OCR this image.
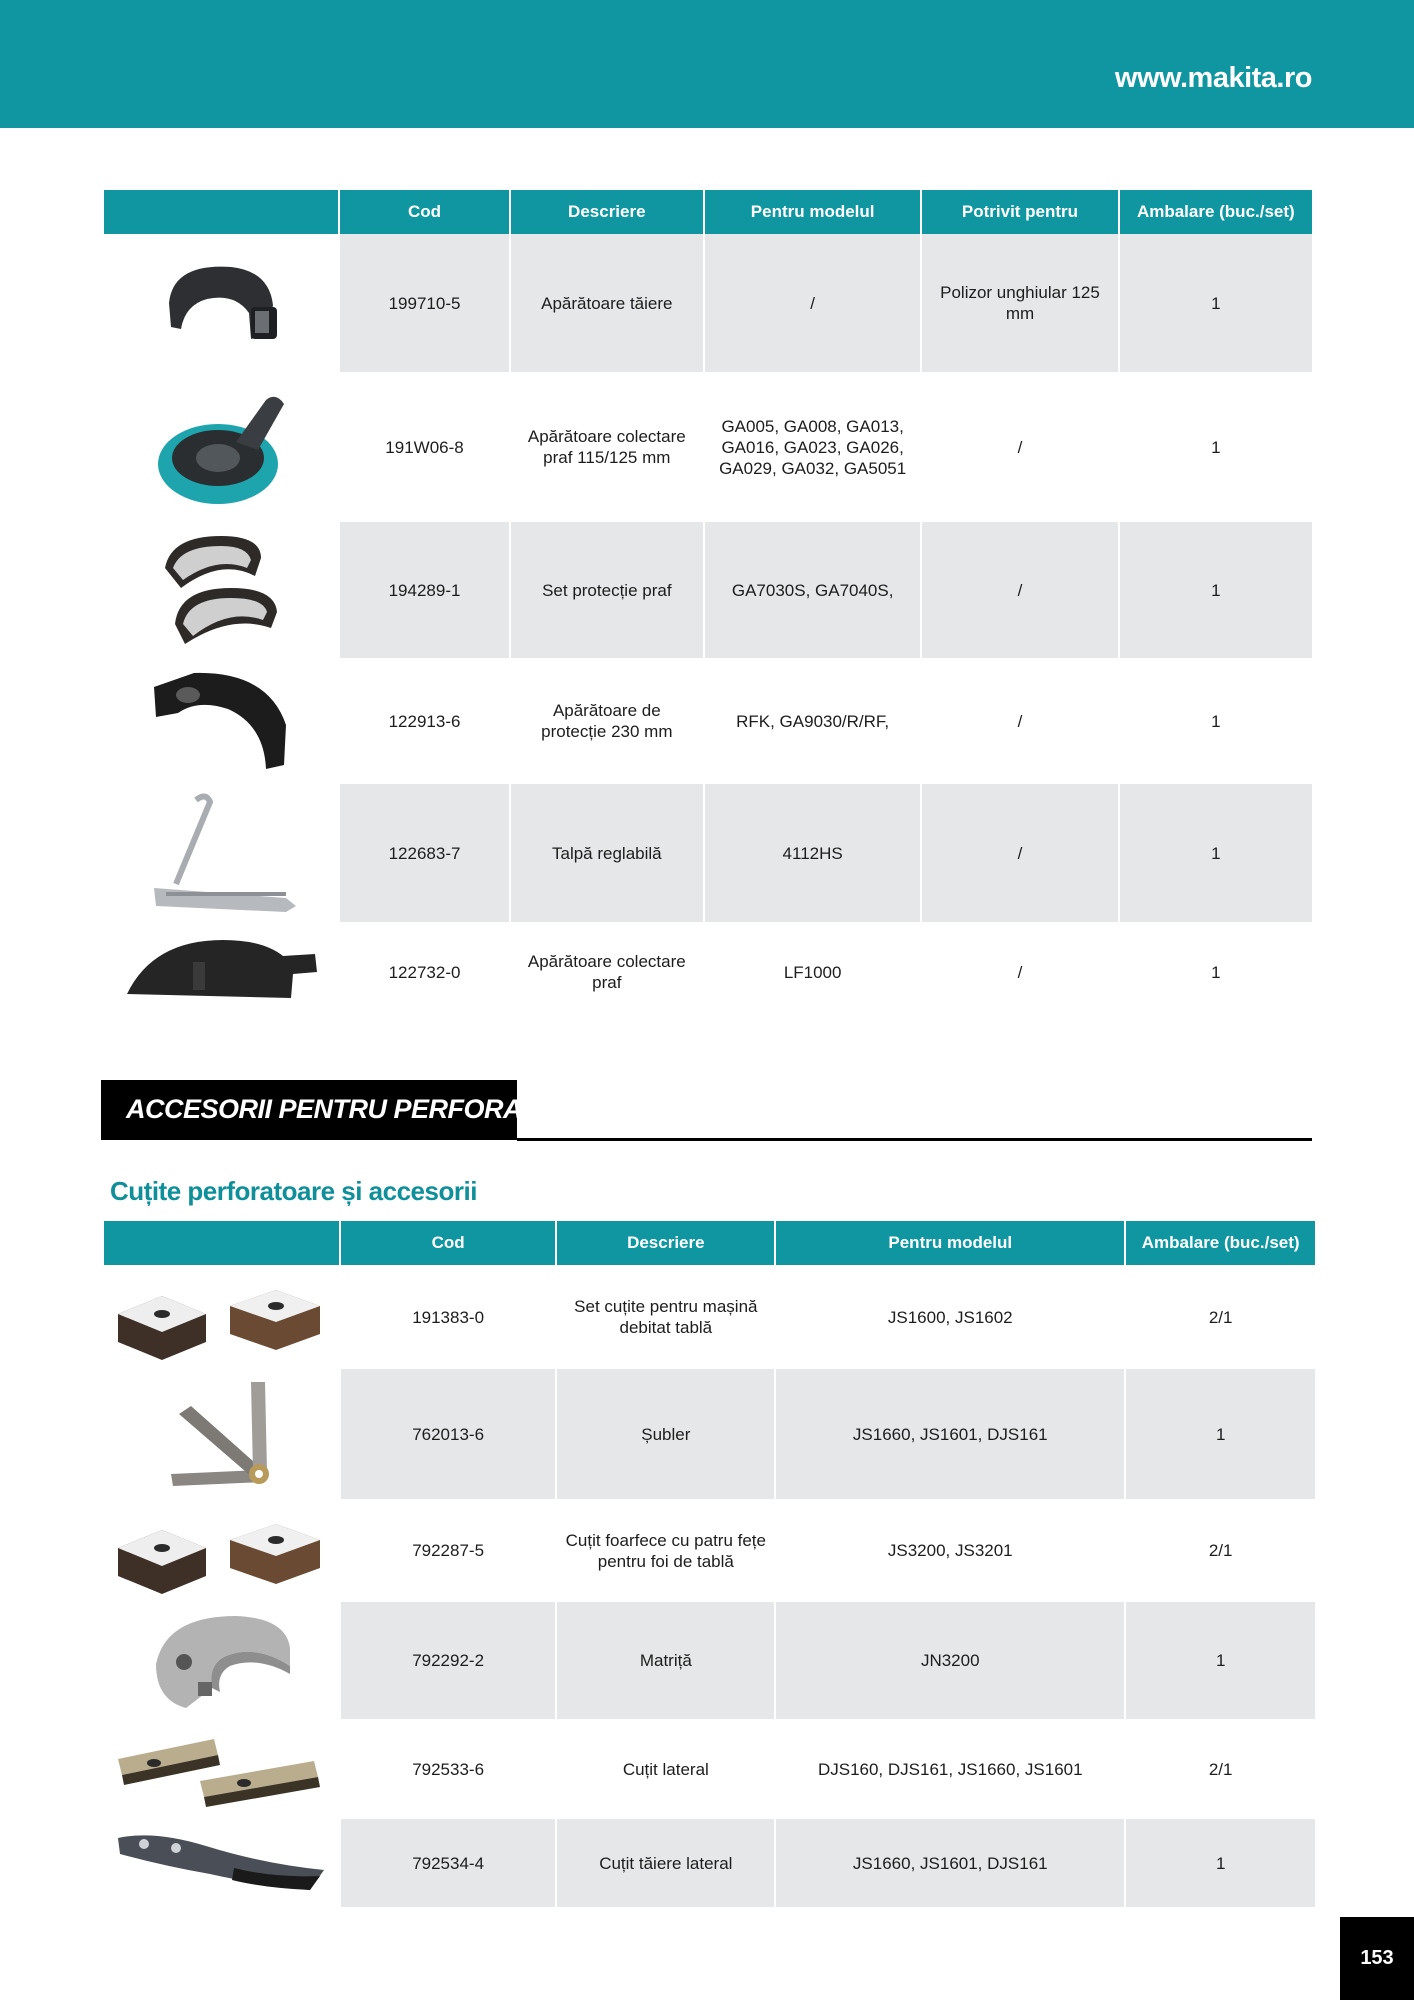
www.makita.ro
	Cod	Descriere	Pentru modelul	Potrivit pentru	Ambalare (buc./set)

	199710-5	Apărătoare tăiere	/	Polizor unghiular 125 mm	1

	191W06-8	Apărătoare colectare praf 115/125 mm	GA005, GA008, GA013, GA016, GA023, GA026, GA029, GA032, GA5051	/	1

	194289-1	Set protecție praf	GA7030S, GA7040S,	/	1

	122913-6	Apărătoare de protecție 230 mm	RFK, GA9030/R/RF,	/	1

	122683-7	Talpă reglabilă	4112HS	/	1

	122732-0	Apărătoare colectare praf	LF1000	/	1
ACCESORII PENTRU PERFORARE
Cuțite perforatoare și accesorii
	Cod	Descriere	Pentru modelul	Ambalare (buc./set)

	191383-0	Set cuțite pentru mașină debitat tablă	JS1600, JS1602	2/1

	762013-6	Șubler	JS1660, JS1601, DJS161	1

	792287-5	Cuțit foarfece cu patru fețe pentru foi de tablă	JS3200, JS3201	2/1

	792292-2	Matriță	JN3200	1

	792533-6	Cuțit lateral	DJS160, DJS161, JS1660, JS1601	2/1

	792534-4	Cuțit tăiere lateral	JS1660, JS1601, DJS161	1
153
